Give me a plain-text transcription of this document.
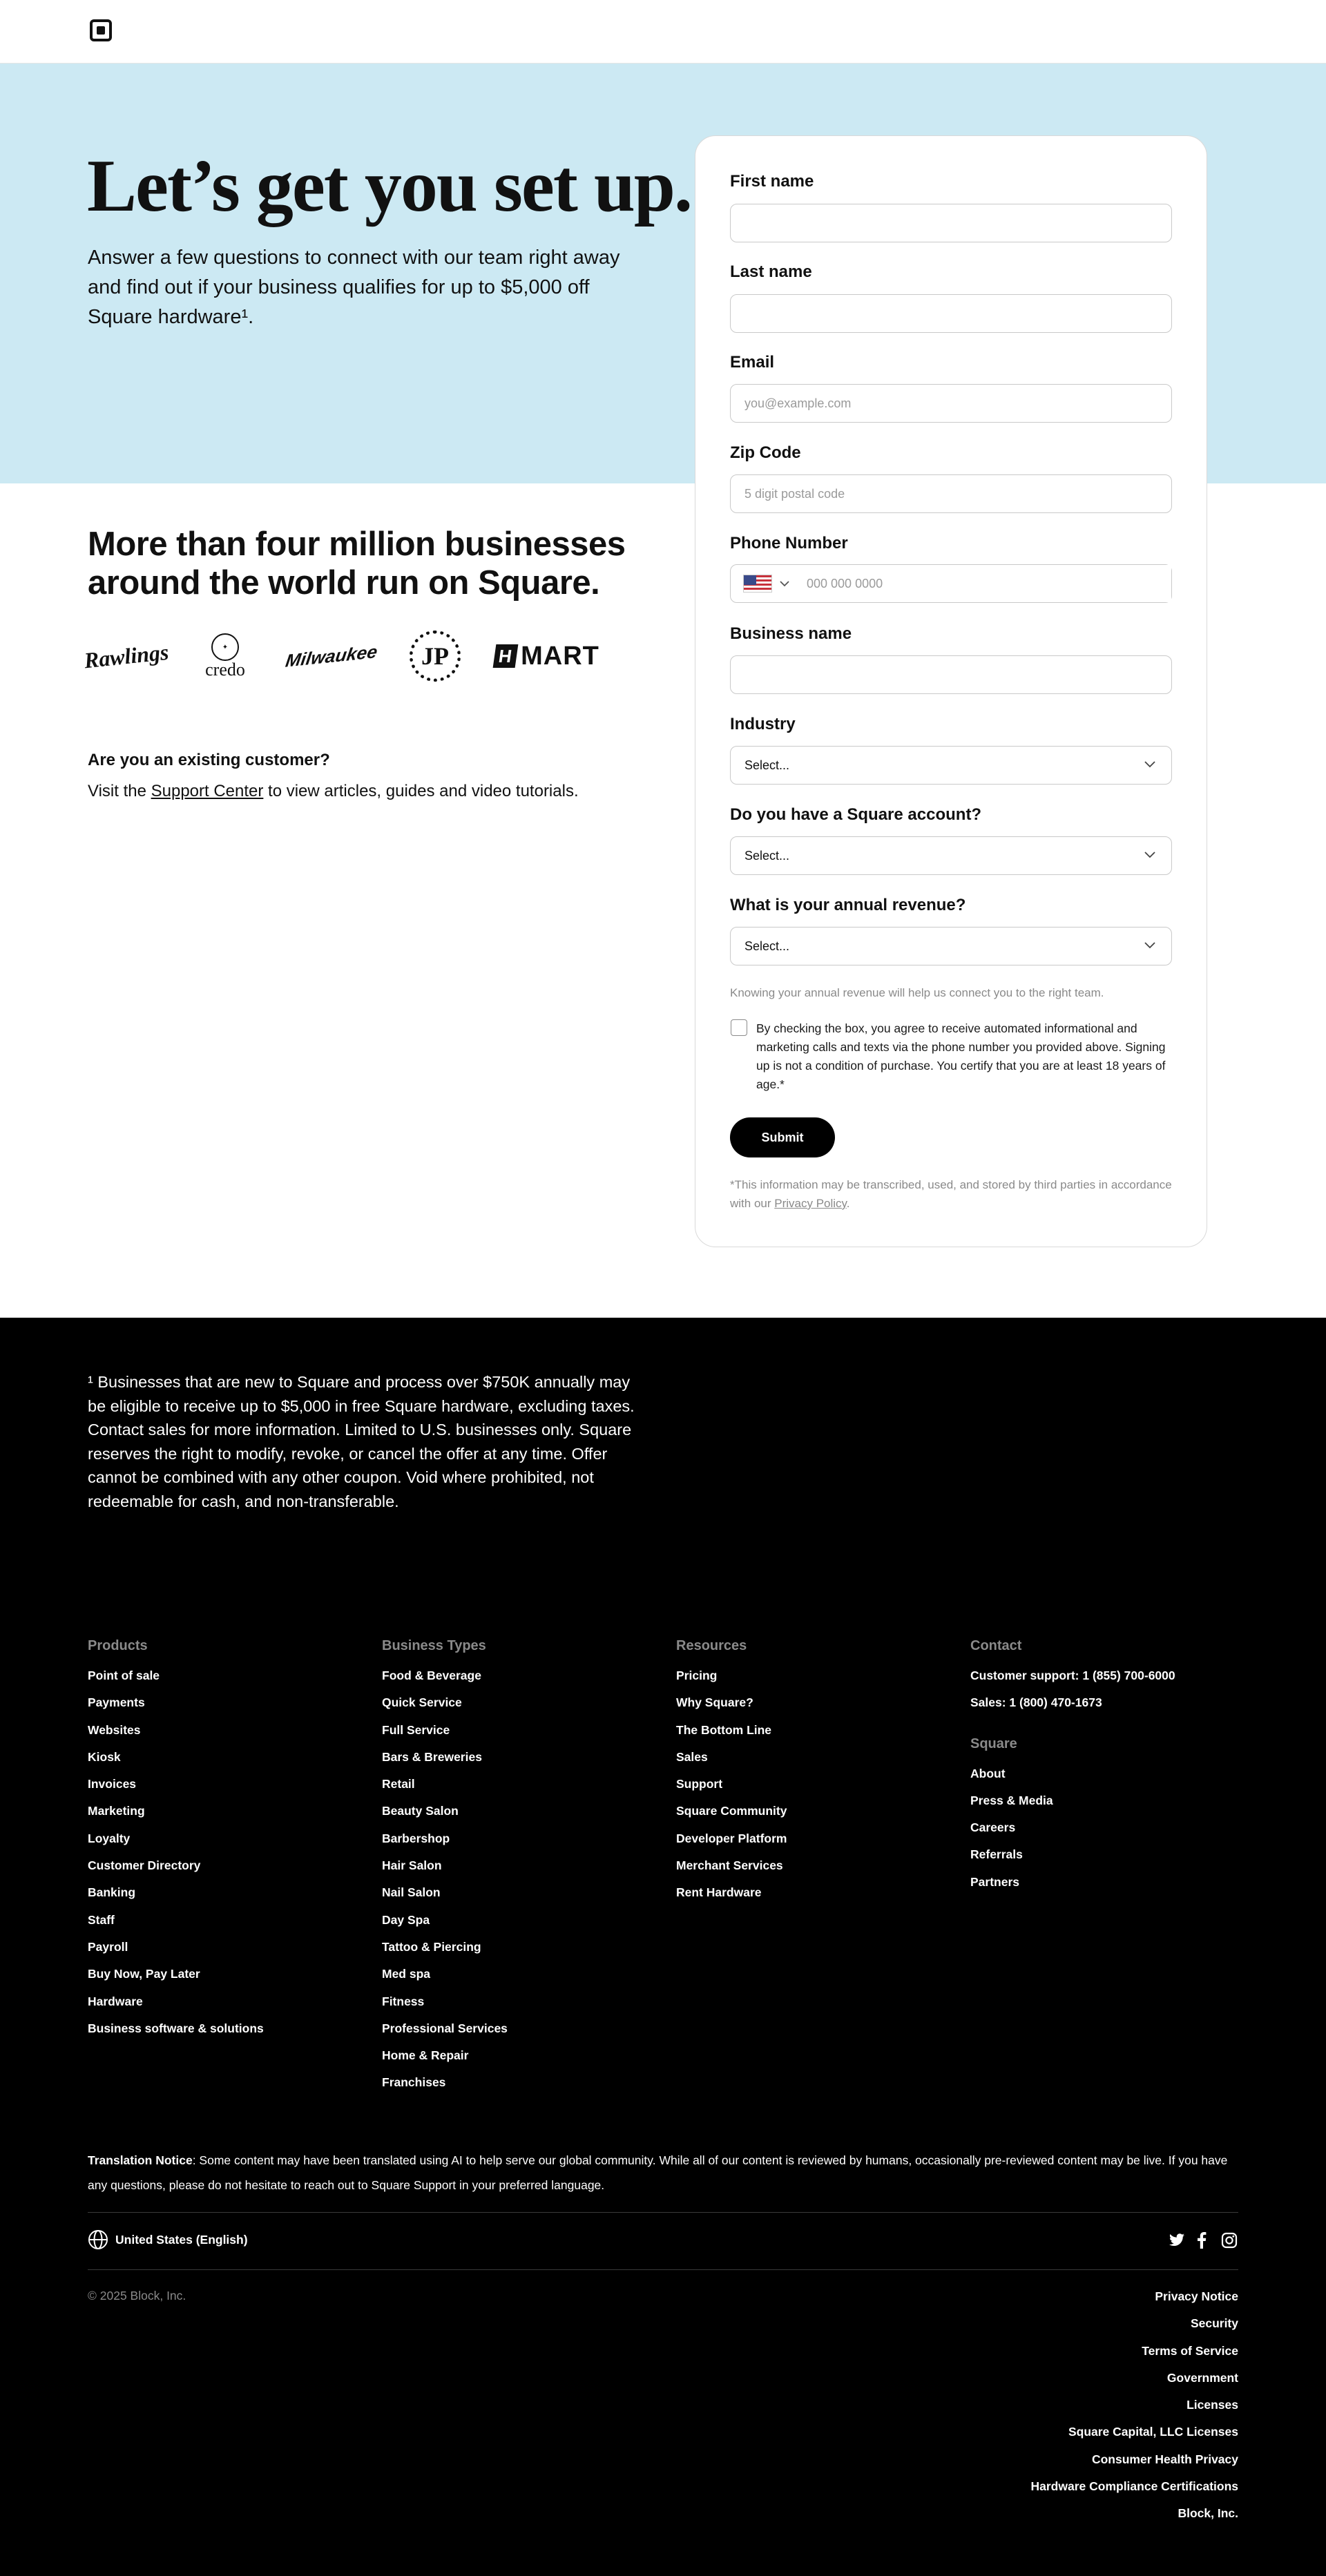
Let’s get you set up.

Answer a few questions to connect with our team right away and find out if your business qualifies for up to $5,000 off Square hardware¹.

More than four million businesses around the world run on Square.
Rawlings	✦
credo Milwaukee JP	H MART
Are you an existing customer?
Visit the Support Center to view articles, guides and video tutorials.
First name
Last name
Email
you@example.com
Zip Code
5 digit postal code
Phone Number
000 000 0000
Business name
Industry
Select...
Do you have a Square account?
Select...
What is your annual revenue?
Select...
Knowing your annual revenue will help us connect you to the right team.
By checking the box, you agree to receive automated informational and marketing calls and texts via the phone number you provided above. Signing up is not a condition of purchase. You certify that you are at least 18 years of age.*
Submit
*This information may be transcribed, used, and stored by third parties in accordance with our Privacy Policy.

¹ Businesses that are new to Square and process over $750K annually may be eligible to receive up to $5,000 in free Square hardware, excluding taxes. Contact sales for more information. Limited to U.S. businesses only. Square reserves the right to modify, revoke, or cancel the offer at any time. Offer cannot be combined with any other coupon. Void where prohibited, not redeemable for cash, and non-transferable.

Products
Point of sale
Payments
Websites
Kiosk
Invoices
Marketing
Loyalty
Customer Directory
Banking
Staff
Payroll
Buy Now, Pay Later
Hardware
Business software & solutions
Business Types
Food & Beverage
Quick Service
Full Service
Bars & Breweries
Retail
Beauty Salon
Barbershop
Hair Salon
Nail Salon
Day Spa
Tattoo & Piercing
Med spa
Fitness
Professional Services
Home & Repair
Franchises
Resources
Pricing
Why Square?
The Bottom Line
Sales
Support
Square Community
Developer Platform
Merchant Services
Rent Hardware
Contact
Customer support: 1 (855) 700-6000
Sales: 1 (800) 470-1673
Square
About
Press & Media
Careers
Referrals
Partners

Translation Notice: Some content may have been translated using AI to help serve our global community. While all of our content is reviewed by humans, occasionally pre-reviewed content may be live. If you have any questions, please do not hesitate to reach out to Square Support in your preferred language.

United States (English)
© 2025 Block, Inc.	Privacy Notice
Security
Terms of Service
Government
Licenses
Square Capital, LLC Licenses
Consumer Health Privacy
Hardware Compliance Certifications
Block, Inc.
